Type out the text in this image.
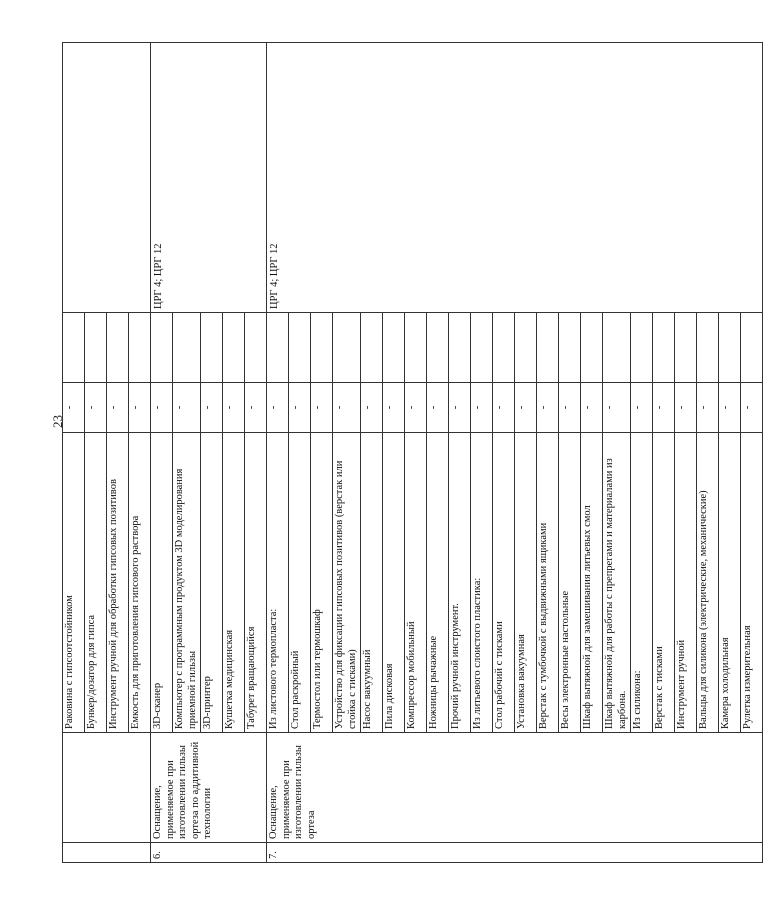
23
		Раковина с гипсоотстойником	-		
		Бункер/дозатор для гипса	-		
		Инструмент ручной для обработки гипсовых позитивов	-		
		Емкость для приготовления гипсового раствора	-		
6.	Оснащение, применяемое при изготовлении гильзы ортеза по аддитивной технологии	3D-сканер	-		ЦРГ 4; ЦРГ 12
		Компьютер с программным продуктом 3D моделирования приемной гильзы	-		
		3D-принтер	-		
		Кушетка медицинская	-		
		Табурет вращающийся	-		
7.	Оснащение, применяемое при изготовлении гильзы ортеза	Из листового термопласта:	-		ЦРГ 4; ЦРГ 12
		Стол раскройный	-		
		Термостол или термошкаф	-		
		Устройство для фиксации гипсовых позитивов (верстак или стойка с тисками)	-		
		Насос вакуумный	-		
		Пила дисковая	-		
		Компрессор мобильный	-		
		Ножницы рычажные	-		
		Прочий ручной инструмент.	-		
		Из литьевого слоистого пластика:	-		
		Стол рабочий с тисками	-		
		Установка вакуумная	-		
		Верстак с тумбочкой с выдвижными ящиками	-		
		Весы электронные настольные	-		
		Шкаф вытяжной для замешивания литьевых смол	-		
		Шкаф вытяжной для работы с препрегами и материалами из карбона.	-		
		Из силикона:	-		
		Верстак с тисками	-		
		Инструмент ручной	-		
		Вальцы для силикона (электрические, механические)	-		
		Камера холодильная	-		
		Рулетка измерительная	-		
